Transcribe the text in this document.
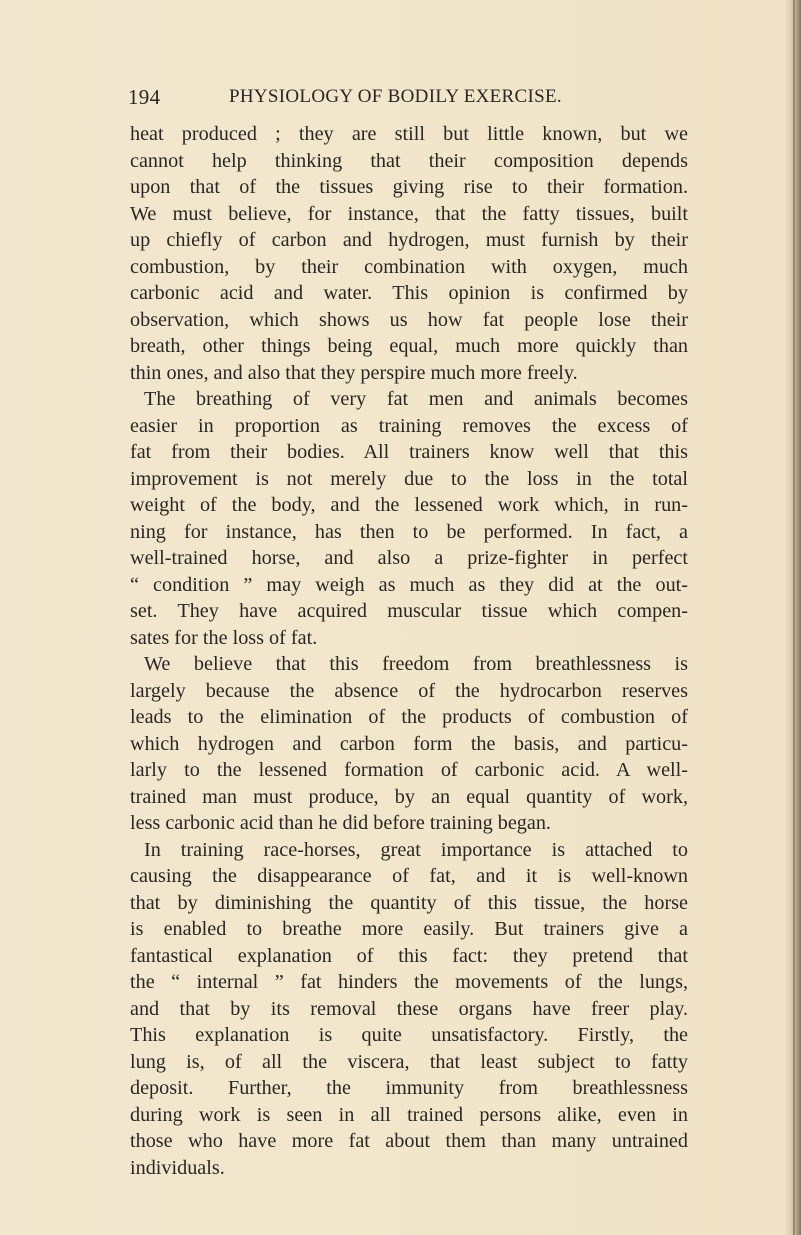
194	PHYSIOLOGY OF BODILY EXERCISE.
heat produced ; they are still but little known, but we
cannot help thinking that their composition depends
upon that of the tissues giving rise to their formation.
We must believe, for instance, that the fatty tissues, built
up chiefly of carbon and hydrogen, must furnish by their
combustion, by their combination with oxygen, much
carbonic acid and water. This opinion is confirmed by
observation, which shows us how fat people lose their
breath, other things being equal, much more quickly than
thin ones, and also that they perspire much more freely.
The breathing of very fat men and animals becomes
easier in proportion as training removes the excess of
fat from their bodies. All trainers know well that this
improvement is not merely due to the loss in the total
weight of the body, and the lessened work which, in run-
ning for instance, has then to be performed. In fact, a
well-trained horse, and also a prize-fighter in perfect
“ condition ” may weigh as much as they did at the out-
set. They have acquired muscular tissue which compen-
sates for the loss of fat.
We believe that this freedom from breathlessness is
largely because the absence of the hydrocarbon reserves
leads to the elimination of the products of combustion of
which hydrogen and carbon form the basis, and particu-
larly to the lessened formation of carbonic acid. A well-
trained man must produce, by an equal quantity of work,
less carbonic acid than he did before training began.
In training race-horses, great importance is attached to
causing the disappearance of fat, and it is well-known
that by diminishing the quantity of this tissue, the horse
is enabled to breathe more easily. But trainers give a
fantastical explanation of this fact: they pretend that
the “ internal ” fat hinders the movements of the lungs,
and that by its removal these organs have freer play.
This explanation is quite unsatisfactory. Firstly, the
lung is, of all the viscera, that least subject to fatty
deposit. Further, the immunity from breathlessness
during work is seen in all trained persons alike, even in
those who have more fat about them than many untrained
individuals.
